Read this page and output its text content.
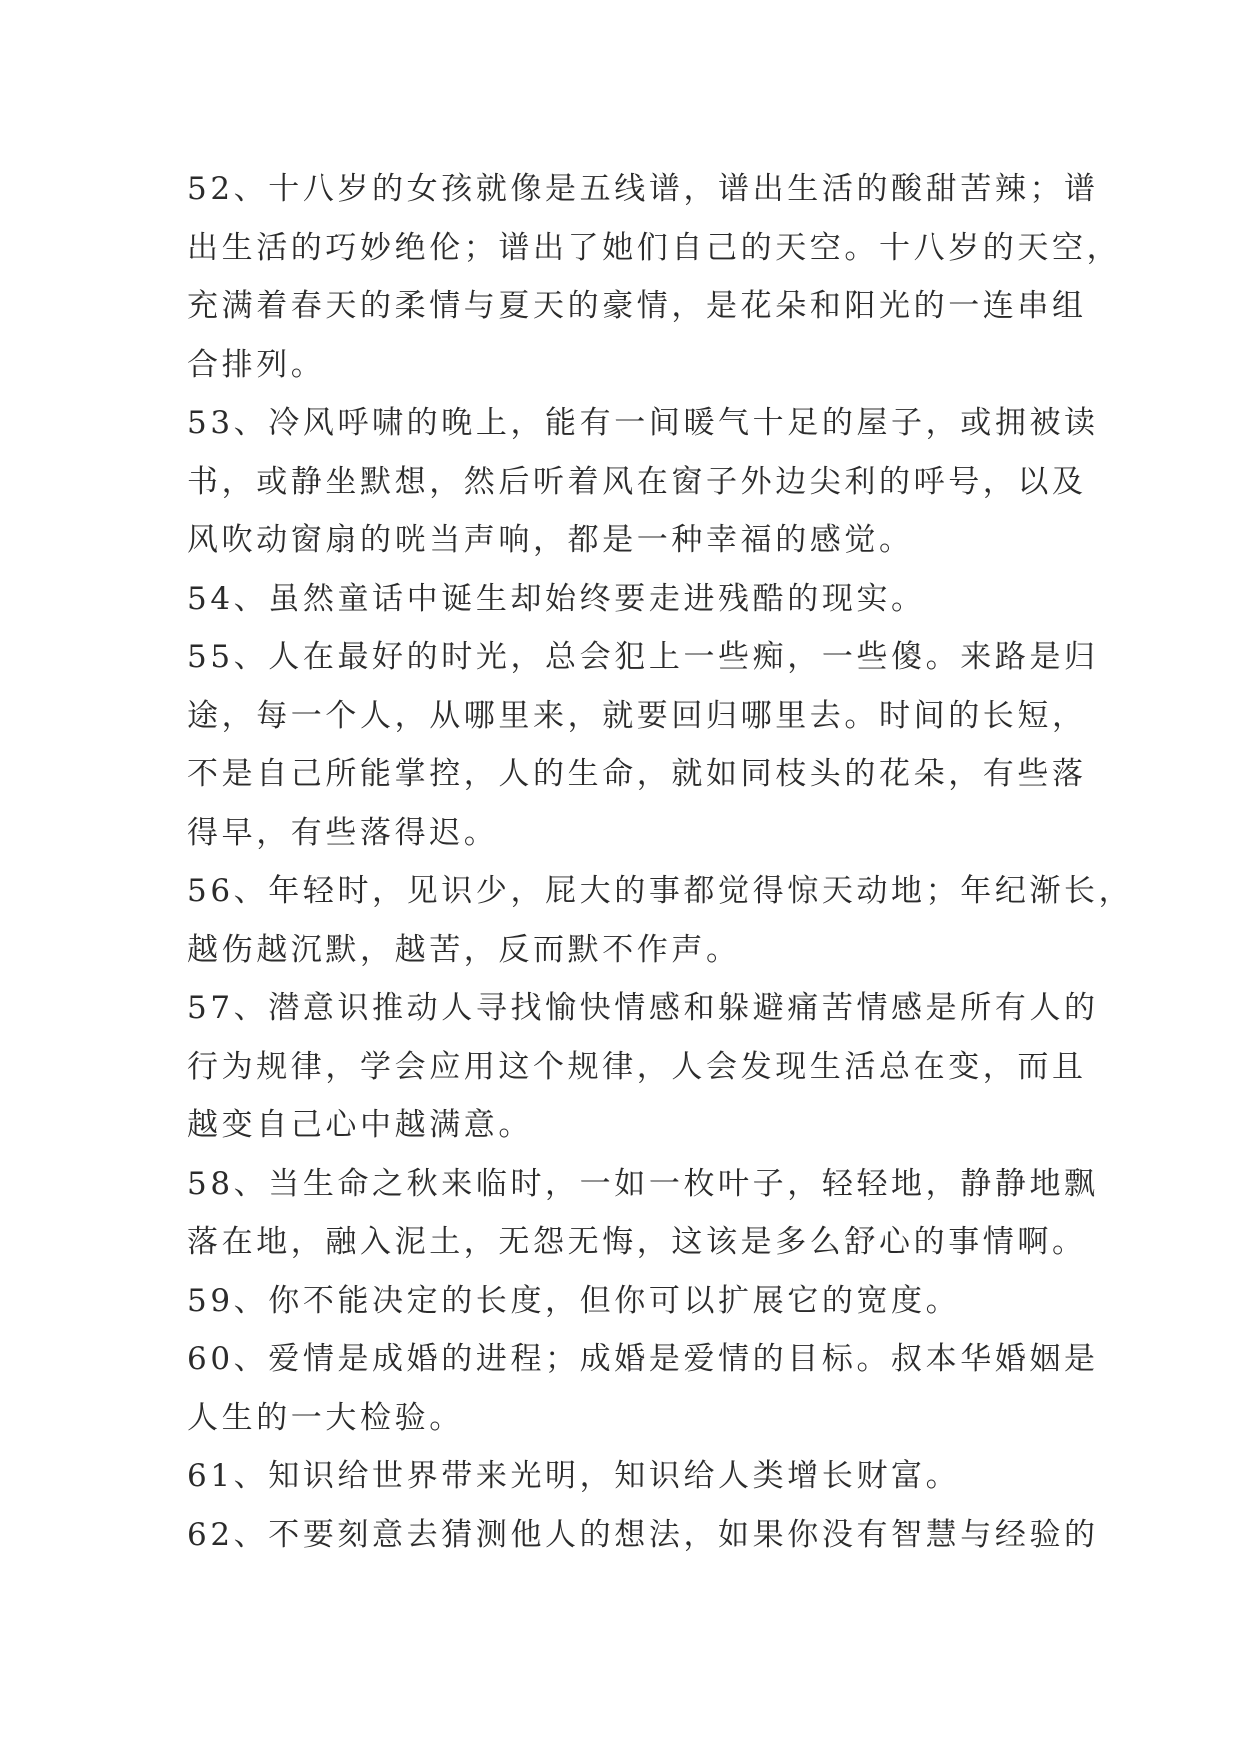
52、十八岁的女孩就像是五线谱，谱出生活的酸甜苦辣；谱
出生活的巧妙绝伦；谱出了她们自己的天空。十八岁的天空，
充满着春天的柔情与夏天的豪情，是花朵和阳光的一连串组
合排列。
53、冷风呼啸的晚上，能有一间暖气十足的屋子，或拥被读
书，或静坐默想，然后听着风在窗子外边尖利的呼号，以及
风吹动窗扇的咣当声响，都是一种幸福的感觉。
54、虽然童话中诞生却始终要走进残酷的现实。
55、人在最好的时光，总会犯上一些痴，一些傻。来路是归
途，每一个人，从哪里来，就要回归哪里去。时间的长短，
不是自己所能掌控，人的生命，就如同枝头的花朵，有些落
得早，有些落得迟。
56、年轻时，见识少，屁大的事都觉得惊天动地；年纪渐长，
越伤越沉默，越苦，反而默不作声。
57、潜意识推动人寻找愉快情感和躲避痛苦情感是所有人的
行为规律，学会应用这个规律，人会发现生活总在变，而且
越变自己心中越满意。
58、当生命之秋来临时，一如一枚叶子，轻轻地，静静地飘
落在地，融入泥土，无怨无悔，这该是多么舒心的事情啊。
59、你不能决定的长度，但你可以扩展它的宽度。
60、爱情是成婚的进程；成婚是爱情的目标。叔本华婚姻是
人生的一大检验。
61、知识给世界带来光明，知识给人类增长财富。
62、不要刻意去猜测他人的想法，如果你没有智慧与经验的
